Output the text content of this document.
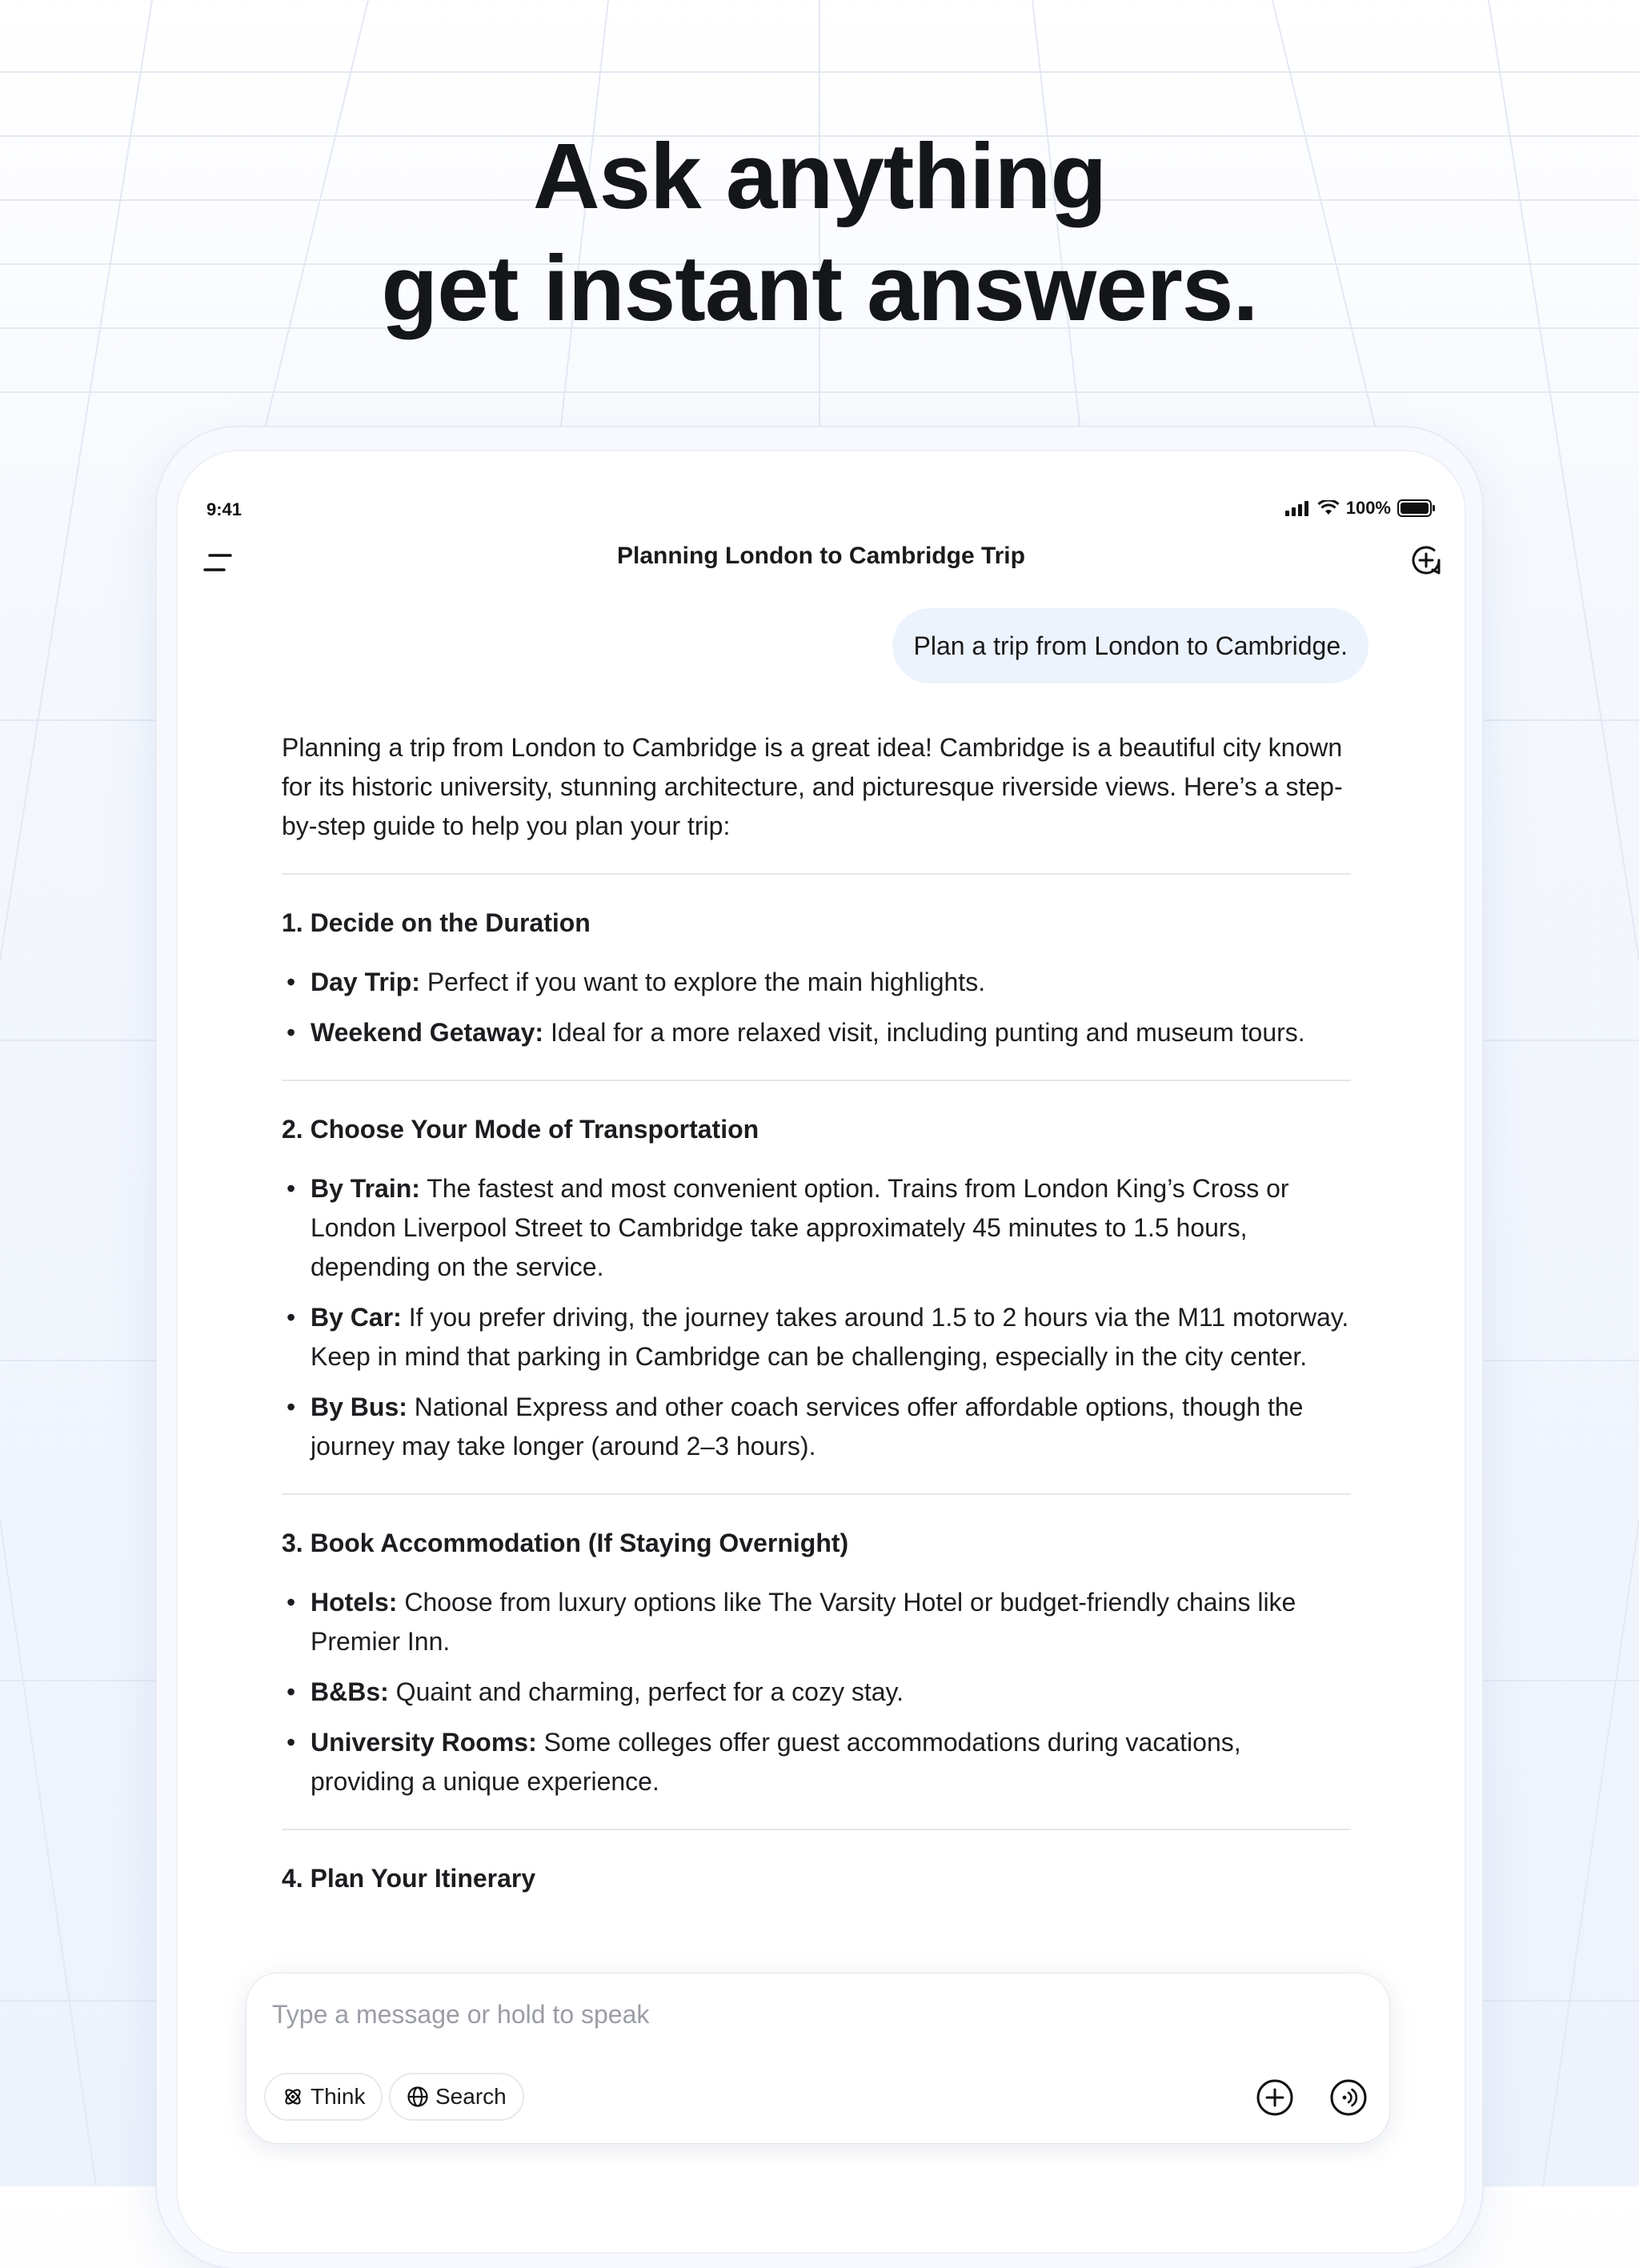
Ask anything
get instant answers.
9:41	100%
Planning London to Cambridge Trip
Plan a trip from London to Cambridge.

Planning a trip from London to Cambridge is a great idea! Cambridge is a beautiful city known for its historic university, stunning architecture, and picturesque riverside views. Here’s a step-by-step guide to help you plan your trip:

1. Decide on the Duration
• Day Trip: Perfect if you want to explore the main highlights.
• Weekend Getaway: Ideal for a more relaxed visit, including punting and museum tours.
2. Choose Your Mode of Transportation
• By Train: The fastest and most convenient option. Trains from London King’s Cross or London Liverpool Street to Cambridge take approximately 45 minutes to 1.5 hours, depending on the service.
• By Car: If you prefer driving, the journey takes around 1.5 to 2 hours via the M11 motorway. Keep in mind that parking in Cambridge can be challenging, especially in the city center.
• By Bus: National Express and other coach services offer affordable options, though the journey may take longer (around 2–3 hours).
3. Book Accommodation (If Staying Overnight)
• Hotels: Choose from luxury options like The Varsity Hotel or budget-friendly chains like Premier Inn.
• B&Bs: Quaint and charming, perfect for a cozy stay.
• University Rooms: Some colleges offer guest accommodations during vacations, providing a unique experience.
4. Plan Your Itinerary
Type a message or hold to speak
Think	Search
